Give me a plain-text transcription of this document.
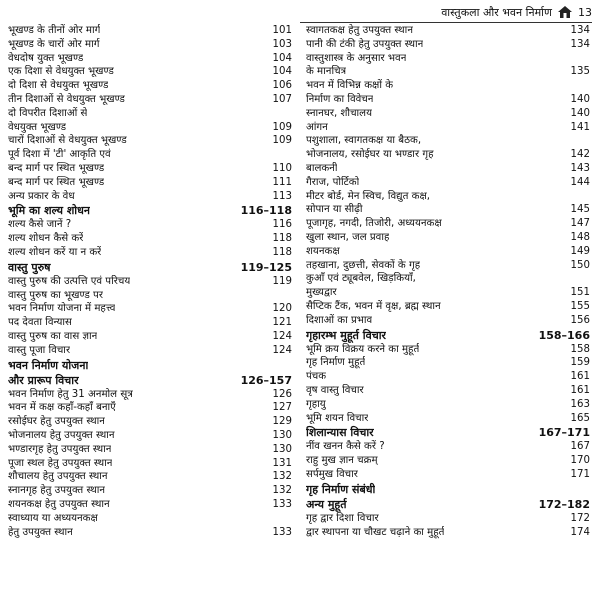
वास्तुकला और भवन निर्माण 13
भूखण्ड के तीनों ओर मार्ग	101
भूखण्ड के चारों ओर मार्ग	103
वेधदोष युक्त भूखण्ड	104
एक दिशा से वेधयुक्त भूखण्ड	104
दो दिशा से वेधयुक्त भूखण्ड	106
तीन दिशाओं से वेधयुक्त भूखण्ड	107
दो विपरीत दिशाओं से
वेधयुक्त भूखण्ड	109
चारों दिशाओं से वेधयुक्त भूखण्ड	109
पूर्व दिशा में 'टी' आकृति एवं
बन्द मार्ग पर स्थित भूखण्ड	110
बन्द मार्ग पर स्थित भूखण्ड	111
अन्य प्रकार के वेध	113
भूमि का शल्य शोधन	116–118
शल्य कैसे जानें ?	116
शल्य शोधन कैसे करें	118
शल्य शोधन करें या न करें	118
वास्तु पुरुष	119–125
वास्तु पुरुष की उत्पत्ति एवं परिचय	119
वास्तु पुरुष का भूखण्ड पर
भवन निर्माण योजना में महत्त्व	120
पद देवता विन्यास	121
वास्तु पुरुष का वास ज्ञान	124
वास्तु पूजा विचार	124
भवन निर्माण योजना
और प्रारूप विचार	126–157
भवन निर्माण हेतु 31 अनमोल सूत्र	126
भवन में कक्ष कहाँ-कहाँ बनाएँ	127
रसोईघर हेतु उपयुक्त स्थान	129
भोजनालय हेतु उपयुक्त स्थान	130
भण्डारगृह हेतु उपयुक्त स्थान	130
पूजा स्थल हेतु उपयुक्त स्थान	131
शौचालय हेतु उपयुक्त स्थान	132
स्नानगृह हेतु उपयुक्त स्थान	132
शयनकक्ष हेतु उपयुक्त स्थान	133
स्वाध्याय या अध्ययनकक्ष
हेतु उपयुक्त स्थान	133
स्वागतकक्ष हेतु उपयुक्त स्थान	134
पानी की टंकी हेतु उपयुक्त स्थान	134
वास्तुशास्त्र के अनुसार भवन
के मानचित्र	135
भवन में विभिन्न कक्षों के
निर्माण का विवेचन	140
स्नानघर, शौचालय	140
आंगन	141
पशुशाला, स्वागतकक्ष या बैठक,
भोजनालय, रसोईघर या भण्डार गृह	142
बालकनी	143
गैराज, पोर्टिको	144
मीटर बोर्ड, मेन स्विच, विद्युत कक्ष,
सोपान या सीढ़ी	145
पूजागृह, नगदी, तिजोरी, अध्ययनकक्ष	147
खुला स्थान, जल प्रवाह	148
शयनकक्ष	149
तहखाना, दुछत्ती, सेवकों के गृह	150
कुआँ एवं ट्यूबवेल, खिड़कियाँ,
मुख्यद्वार	151
सैप्टिक टैंक, भवन में वृक्ष, ब्रह्म स्थान	155
दिशाओं का प्रभाव	156
गृहारम्भ मुहूर्त विचार	158–166
भूमि क्रय विक्रय करने का मुहूर्त	158
गृह निर्माण मुहूर्त	159
पंचक	161
वृष वास्तु विचार	161
गृहायु	163
भूमि शयन विचार	165
शिलान्यास विचार	167–171
नींव खनन कैसे करें ?	167
राहु मुख ज्ञान चक्रम्	170
सर्पमुख विचार	171
गृह निर्माण संबंधी
अन्य मुहूर्त	172–182
गृह द्वार दिशा विचार	172
द्वार स्थापना या चौखट चढ़ाने का मुहूर्त	174
